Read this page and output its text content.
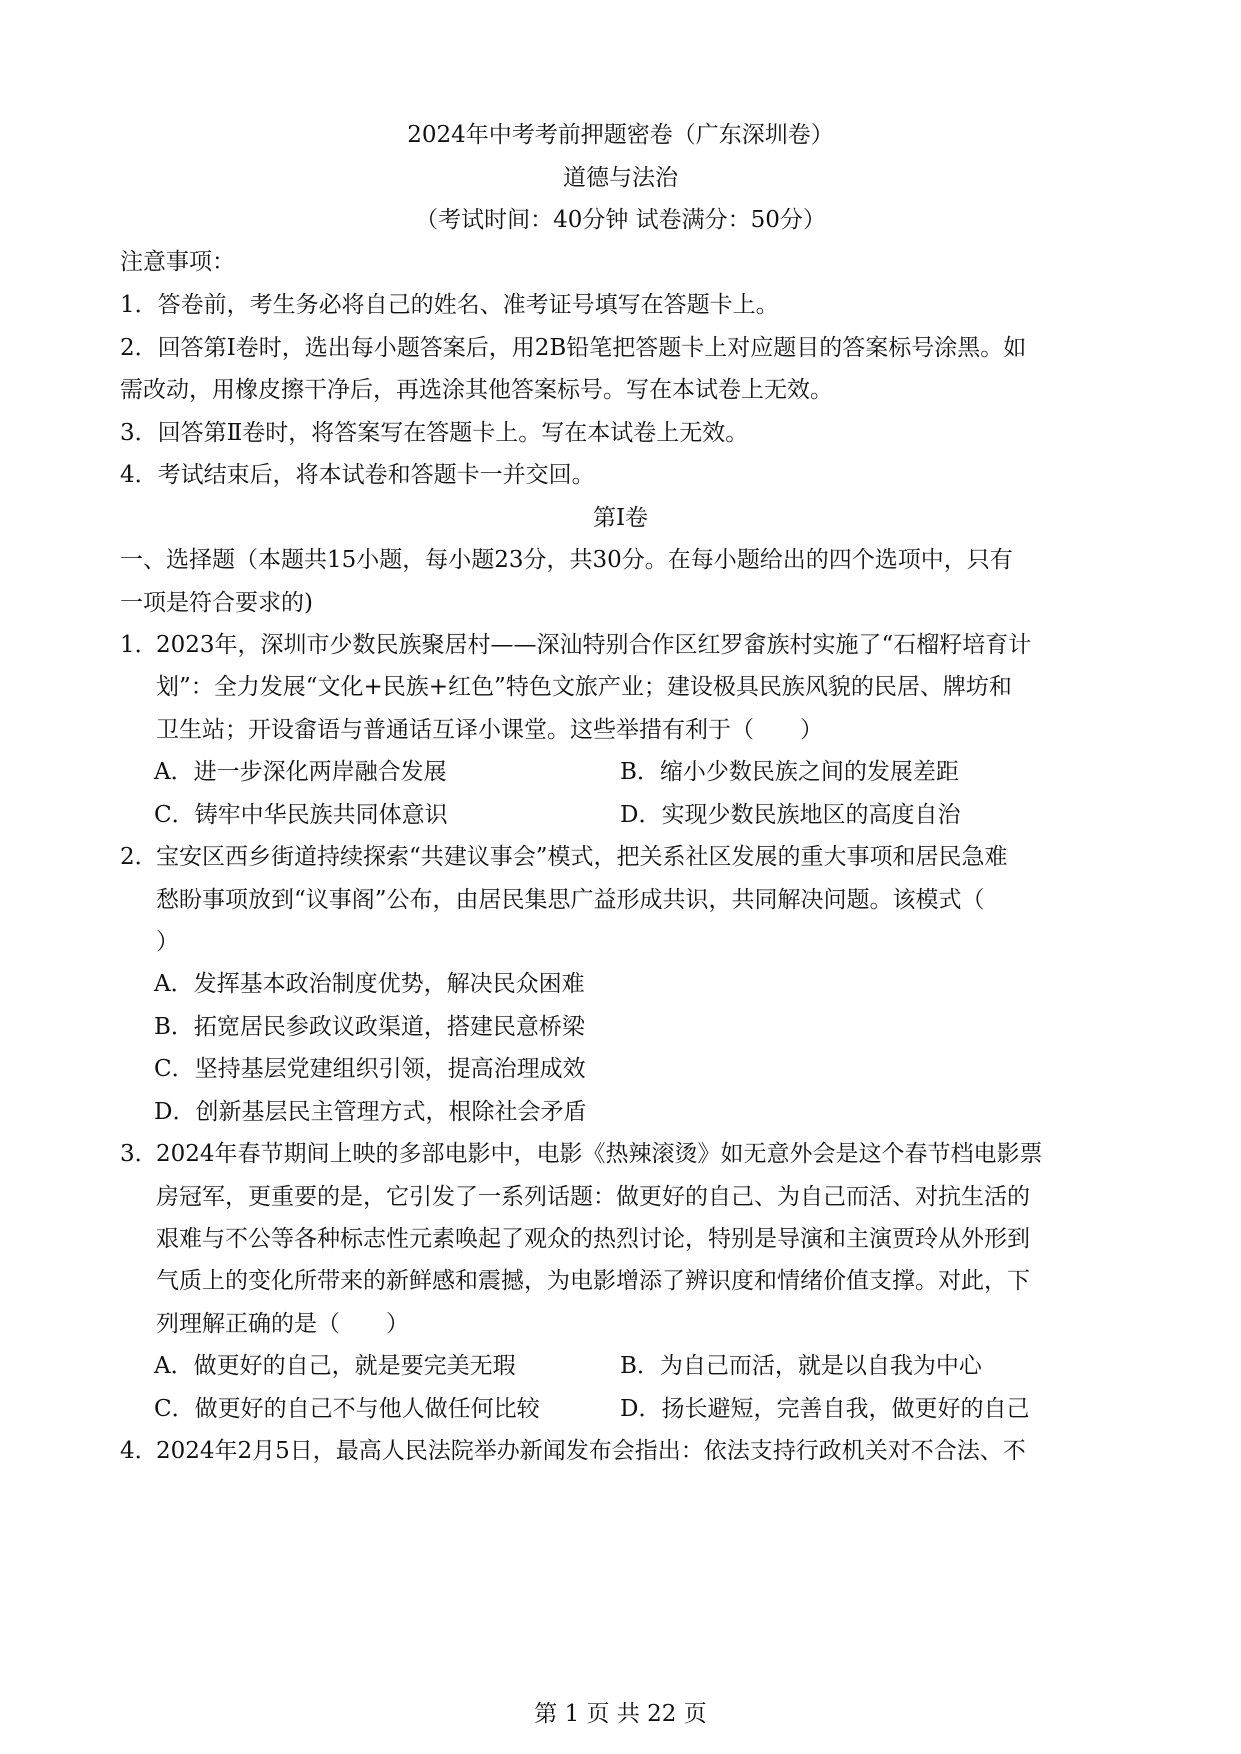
2024年中考考前押题密卷（广东深圳卷）
道德与法治
（考试时间：40分钟 试卷满分：50分）
注意事项：
1．答卷前，考生务必将自己的姓名、准考证号填写在答题卡上。
2．回答第Ⅰ卷时，选出每小题答案后，用2B铅笔把答题卡上对应题目的答案标号涂黑。如
需改动，用橡皮擦干净后，再选涂其他答案标号。写在本试卷上无效。
3．回答第Ⅱ卷时，将答案写在答题卡上。写在本试卷上无效。
4．考试结束后，将本试卷和答题卡一并交回。
第Ⅰ卷
一、选择题（本题共15小题，每小题23分，共30分。在每小题给出的四个选项中，只有
一项是符合要求的)
1．2023年，深圳市少数民族聚居村——深汕特别合作区红罗畲族村实施了“石榴籽培育计
划”：全力发展“文化+民族+红色”特色文旅产业；建设极具民族风貌的民居、牌坊和
卫生站；开设畲语与普通话互译小课堂。这些举措有利于（　　）
A．进一步深化两岸融合发展	B．缩小少数民族之间的发展差距
C．铸牢中华民族共同体意识	D．实现少数民族地区的高度自治
2．宝安区西乡街道持续探索“共建议事会”模式，把关系社区发展的重大事项和居民急难
愁盼事项放到“议事阁”公布，由居民集思广益形成共识，共同解决问题。该模式（
）
A．发挥基本政治制度优势，解决民众困难
B．拓宽居民参政议政渠道，搭建民意桥梁
C．坚持基层党建组织引领，提高治理成效
D．创新基层民主管理方式，根除社会矛盾
3．2024年春节期间上映的多部电影中，电影《热辣滚烫》如无意外会是这个春节档电影票
房冠军，更重要的是，它引发了一系列话题：做更好的自己、为自己而活、对抗生活的
艰难与不公等各种标志性元素唤起了观众的热烈讨论，特别是导演和主演贾玲从外形到
气质上的变化所带来的新鲜感和震撼，为电影增添了辨识度和情绪价值支撑。对此，下
列理解正确的是（　　）
A．做更好的自己，就是要完美无瑕	B．为自己而活，就是以自我为中心
C．做更好的自己不与他人做任何比较	D．扬长避短，完善自我，做更好的自己
4．2024年2月5日，最高人民法院举办新闻发布会指出：依法支持行政机关对不合法、不
第 1 页 共 22 页
